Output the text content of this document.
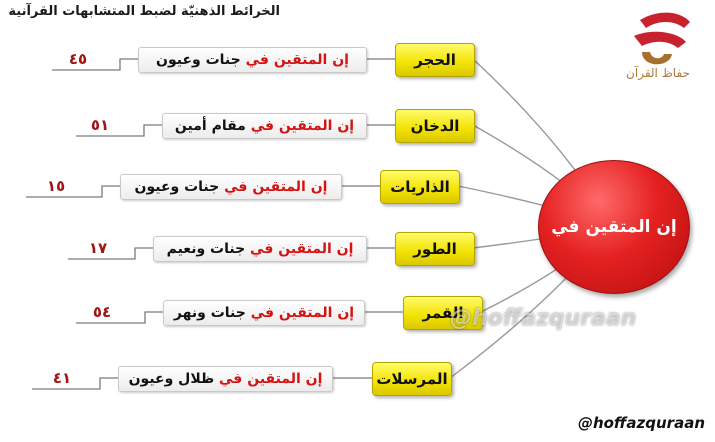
الخرائط الذهنيّة لضبط المتشابهات القرآنية
حفاظ القرآن
إن المتقين في
الحجر
إن المتقين في

جنات وعيون
٤٥
الدخان
إن المتقين في

مقام أمين
٥١
الذاريات
إن المتقين في

جنات وعيون
١٥
الطور
إن المتقين في

جنات ونعيم
١٧
القمر
إن المتقين في

جنات ونهر
٥٤
المرسلات
إن المتقين في

ظلال وعيون
٤١
@hoffazquraan
@hoffazquraan
